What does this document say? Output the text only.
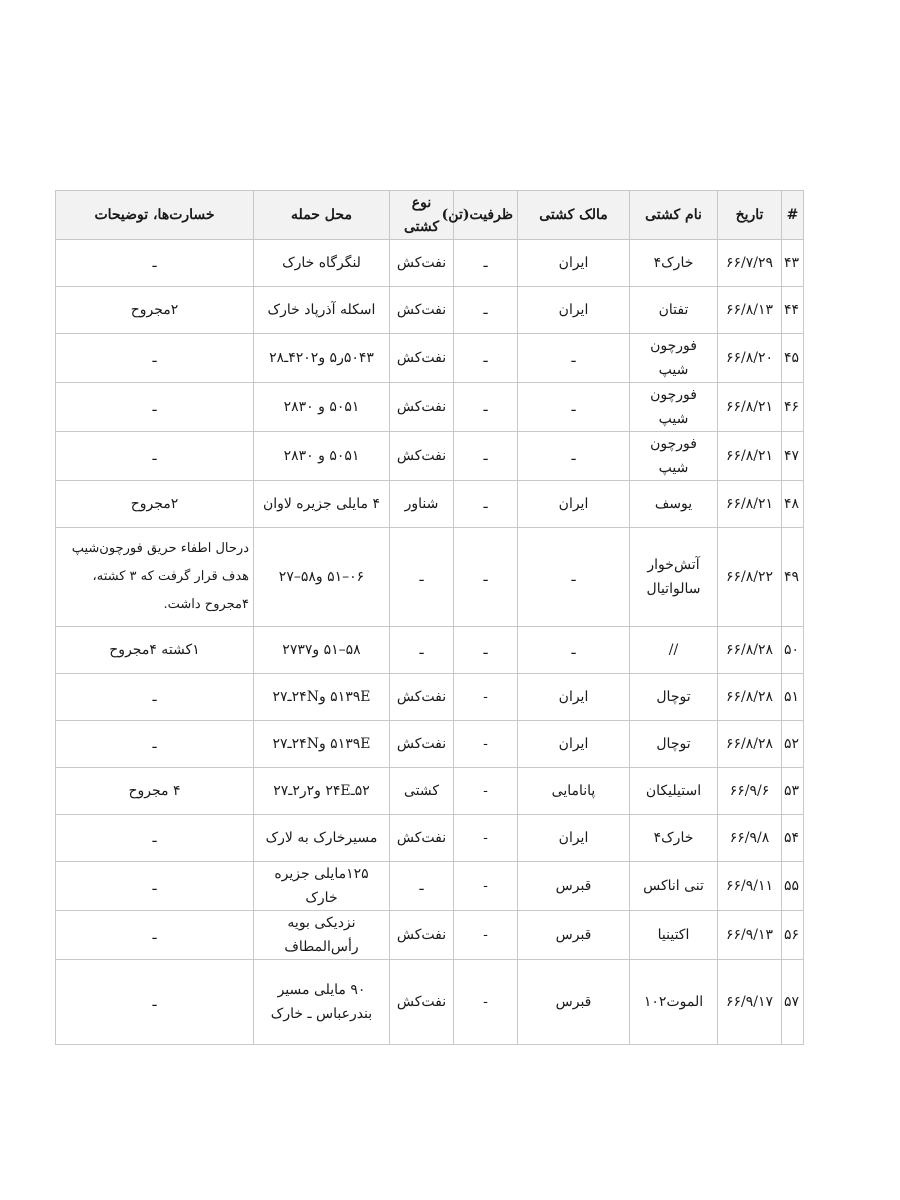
#	تاریخ	نام کشتی	مالک کشتی	ظرفیت(تن)	نوع کشتی	محل حمله	خسارت‌ها، توضیحات
۴۳	۶۶/۷/۲۹	خارک۴	ایران	ـ	نفت‌کش	لنگرگاه خارک	ـ
۴۴	۶۶/۸/۱۳	تفتان	ایران	ـ	نفت‌کش	اسکله آذرپاد خارک	۲مجروح
۴۵	۶۶/۸/۲۰	فورچون شیپ	ـ	ـ	نفت‌کش	۵۰۴۳ر۵ و۴۲۰۲ـ۲۸	ـ
۴۶	۶۶/۸/۲۱	فورچون شیپ	ـ	ـ	نفت‌کش	۵۰۵۱ و ۲۸۳۰	ـ
۴۷	۶۶/۸/۲۱	فورچون شیپ	ـ	ـ	نفت‌کش	۵۰۵۱ و ۲۸۳۰	ـ
۴۸	۶۶/۸/۲۱	یوسف	ایران	ـ	شناور	۴ مایلی جزیره لاوان	۲مجروح
۴۹	۶۶/۸/۲۲	آتش‌خوار سالواتیال	ـ	ـ	ـ	۰۶–۵۱ و۵۸–۲۷	درحال اطفاء حریق فورچون‌شیپ هدف قرار گرفت که ۳ کشته، ۴مجروح داشت.
۵۰	۶۶/۸/۲۸	//	ـ	ـ	ـ	۵۸–۵۱ و۲۷۳۷	۱کشته ۴مجروح
۵۱	۶۶/۸/۲۸	توچال	ایران	-	نفت‌کش	۵۱۳۹E و۲۴Nـ۲۷	ـ
۵۲	۶۶/۸/۲۸	توچال	ایران	-	نفت‌کش	۵۱۳۹E و۲۴Nـ۲۷	ـ
۵۳	۶۶/۹/۶	استیلیکان	پانامایی	-	کشتی	۵۲ـ۲۴E و۲ر۲ـ۲۷	۴ مجروح
۵۴	۶۶/۹/۸	خارک۴	ایران	-	نفت‌کش	مسیرخارک به لارک	ـ
۵۵	۶۶/۹/۱۱	تنی اناکس	قبرس	-	ـ	۱۲۵مایلی جزیره خارک	ـ
۵۶	۶۶/۹/۱۳	اکتینیا	قبرس	-	نفت‌کش	نزدیکی بویه رأس‌المطاف	ـ
۵۷	۶۶/۹/۱۷	الموت۱۰۲	قبرس	-	نفت‌کش	۹۰ مایلی مسیر بندرعباس ـ خارک	ـ
